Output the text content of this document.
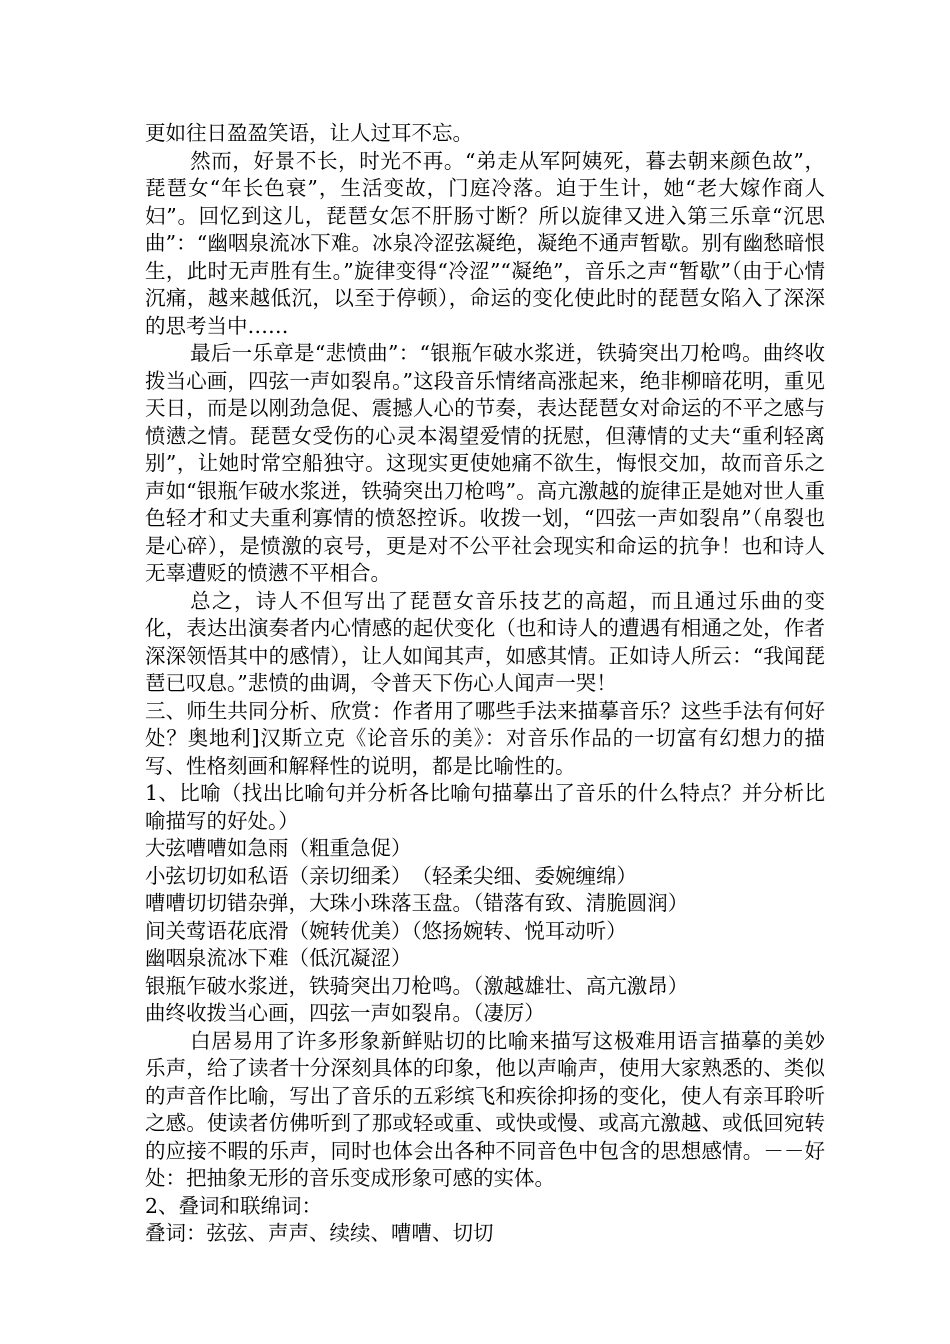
更如往日盈盈笑语，让人过耳不忘。

然而，好景不长，时光不再。“弟走从军阿姨死，暮去朝来颜色故”，琵琶女“年长色衰”，生活变故，门庭冷落。迫于生计，她“老大嫁作商人妇”。回忆到这儿，琵琶女怎不肝肠寸断？所以旋律又进入第三乐章“沉思曲”：“幽咽泉流冰下难。冰泉冷涩弦凝绝，凝绝不通声暂歇。别有幽愁暗恨生，此时无声胜有生。”旋律变得“冷涩”“凝绝”，音乐之声“暂歇”（由于心情沉痛，越来越低沉，以至于停顿），命运的变化使此时的琵琶女陷入了深深的思考当中……

最后一乐章是“悲愤曲”：“银瓶乍破水浆迸，铁骑突出刀枪鸣。曲终收拨当心画，四弦一声如裂帛。”这段音乐情绪高涨起来，绝非柳暗花明，重见天日，而是以刚劲急促、震撼人心的节奏，表达琵琶女对命运的不平之感与愤懑之情。琵琶女受伤的心灵本渴望爱情的抚慰，但薄情的丈夫“重利轻离别”，让她时常空船独守。这现实更使她痛不欲生，悔恨交加，故而音乐之声如“银瓶乍破水浆迸，铁骑突出刀枪鸣”。高亢激越的旋律正是她对世人重色轻才和丈夫重利寡情的愤怒控诉。收拨一划，“四弦一声如裂帛”（帛裂也是心碎），是愤激的哀号，更是对不公平社会现实和命运的抗争！也和诗人无辜遭贬的愤懑不平相合。

总之，诗人不但写出了琵琶女音乐技艺的高超，而且通过乐曲的变化，表达出演奏者内心情感的起伏变化（也和诗人的遭遇有相通之处，作者深深领悟其中的感情），让人如闻其声，如感其情。正如诗人所云：“我闻琵琶已叹息。”悲愤的曲调，令普天下伤心人闻声一哭！

三、师生共同分析、欣赏：作者用了哪些手法来描摹音乐？这些手法有何好处？奥地利]汉斯立克《论音乐的美》：对音乐作品的一切富有幻想力的描写、性格刻画和解释性的说明，都是比喻性的。

1、比喻（找出比喻句并分析各比喻句描摹出了音乐的什么特点？并分析比喻描写的好处。）

大弦嘈嘈如急雨（粗重急促）

小弦切切如私语（亲切细柔）　（轻柔尖细、委婉缠绵）

嘈嘈切切错杂弹，大珠小珠落玉盘。（错落有致、清脆圆润）

间关莺语花底滑（婉转优美）（悠扬婉转、悦耳动听）

幽咽泉流冰下难（低沉凝涩）

银瓶乍破水浆迸，铁骑突出刀枪鸣。（激越雄壮、高亢激昂）

曲终收拨当心画，四弦一声如裂帛。（凄厉）

白居易用了许多形象新鲜贴切的比喻来描写这极难用语言描摹的美妙乐声，给了读者十分深刻具体的印象，他以声喻声，使用大家熟悉的、类似的声音作比喻，写出了音乐的五彩缤飞和疾徐抑扬的变化，使人有亲耳聆听之感。使读者仿佛听到了那或轻或重、或快或慢、或高亢激越、或低回宛转的应接不暇的乐声，同时也体会出各种不同音色中包含的思想感情。－－好处：把抽象无形的音乐变成形象可感的实体。

2、叠词和联绵词：

叠词：弦弦、声声、续续、嘈嘈、切切
